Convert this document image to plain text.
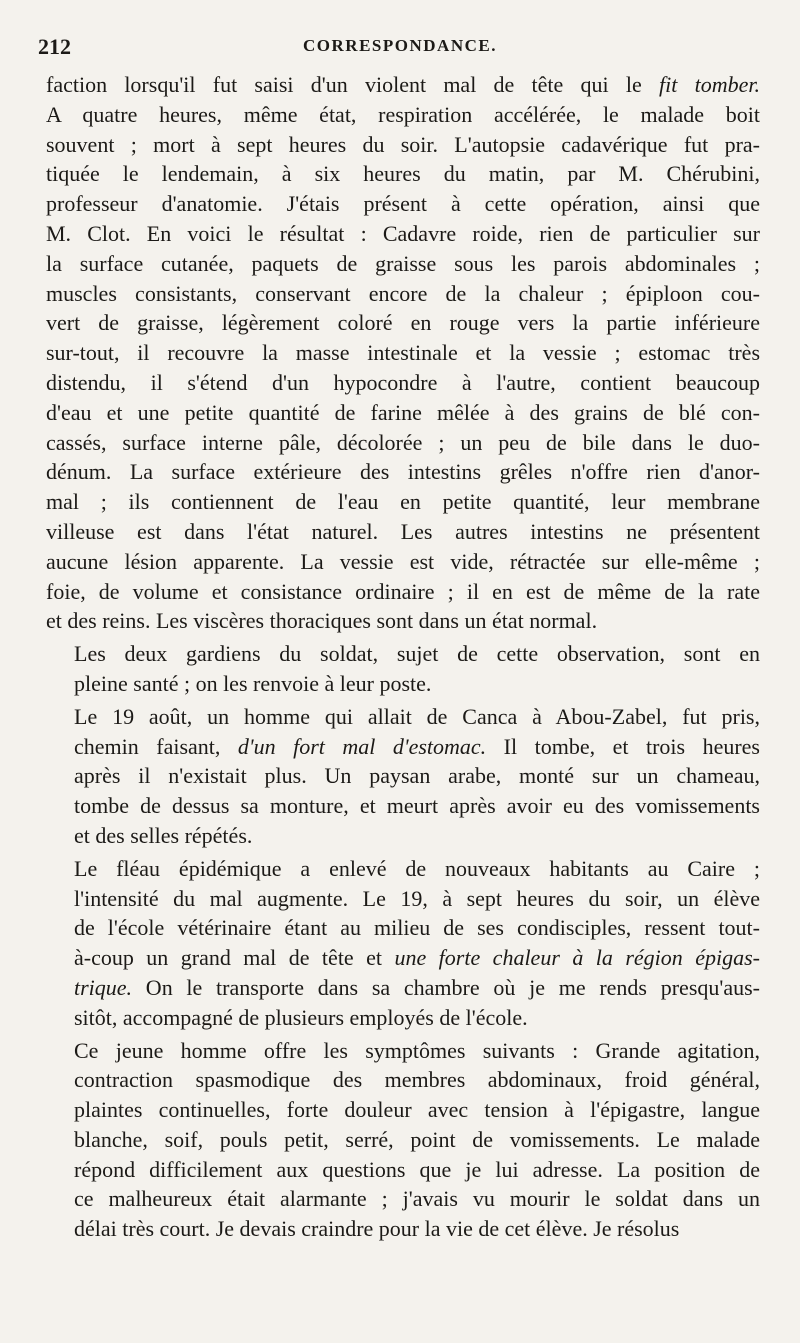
212	CORRESPONDANCE.

faction lorsqu'il fut saisi d'un violent mal de tête qui le fit tomber.
A quatre heures, même état, respiration accélérée, le malade boit
souvent ; mort à sept heures du soir. L'autopsie cadavérique fut pra-
tiquée le lendemain, à six heures du matin, par M. Chérubini,
professeur d'anatomie. J'étais présent à cette opération, ainsi que
M. Clot. En voici le résultat : Cadavre roide, rien de particulier sur
la surface cutanée, paquets de graisse sous les parois abdominales ;
muscles consistants, conservant encore de la chaleur ; épiploon cou-
vert de graisse, légèrement coloré en rouge vers la partie inférieure
sur-tout, il recouvre la masse intestinale et la vessie ; estomac très
distendu, il s'étend d'un hypocondre à l'autre, contient beaucoup
d'eau et une petite quantité de farine mêlée à des grains de blé con-
cassés, surface interne pâle, décolorée ; un peu de bile dans le duo-
dénum. La surface extérieure des intestins grêles n'offre rien d'anor-
mal ; ils contiennent de l'eau en petite quantité, leur membrane
villeuse est dans l'état naturel. Les autres intestins ne présentent
aucune lésion apparente. La vessie est vide, rétractée sur elle-même ;
foie, de volume et consistance ordinaire ; il en est de même de la rate
et des reins. Les viscères thoraciques sont dans un état normal.

Les deux gardiens du soldat, sujet de cette observation, sont en
pleine santé ; on les renvoie à leur poste.

Le 19 août, un homme qui allait de Canca à Abou-Zabel, fut pris,
chemin faisant, d'un fort mal d'estomac. Il tombe, et trois heures
après il n'existait plus. Un paysan arabe, monté sur un chameau,
tombe de dessus sa monture, et meurt après avoir eu des vomissements
et des selles répétés.

Le fléau épidémique a enlevé de nouveaux habitants au Caire ;
l'intensité du mal augmente. Le 19, à sept heures du soir, un élève
de l'école vétérinaire étant au milieu de ses condisciples, ressent tout-
à-coup un grand mal de tête et une forte chaleur à la région épigas-
trique. On le transporte dans sa chambre où je me rends presqu'aus-
sitôt, accompagné de plusieurs employés de l'école.

Ce jeune homme offre les symptômes suivants : Grande agitation,
contraction spasmodique des membres abdominaux, froid général,
plaintes continuelles, forte douleur avec tension à l'épigastre, langue
blanche, soif, pouls petit, serré, point de vomissements. Le malade
répond difficilement aux questions que je lui adresse. La position de
ce malheureux était alarmante ; j'avais vu mourir le soldat dans un
délai très court. Je devais craindre pour la vie de cet élève. Je résolus
